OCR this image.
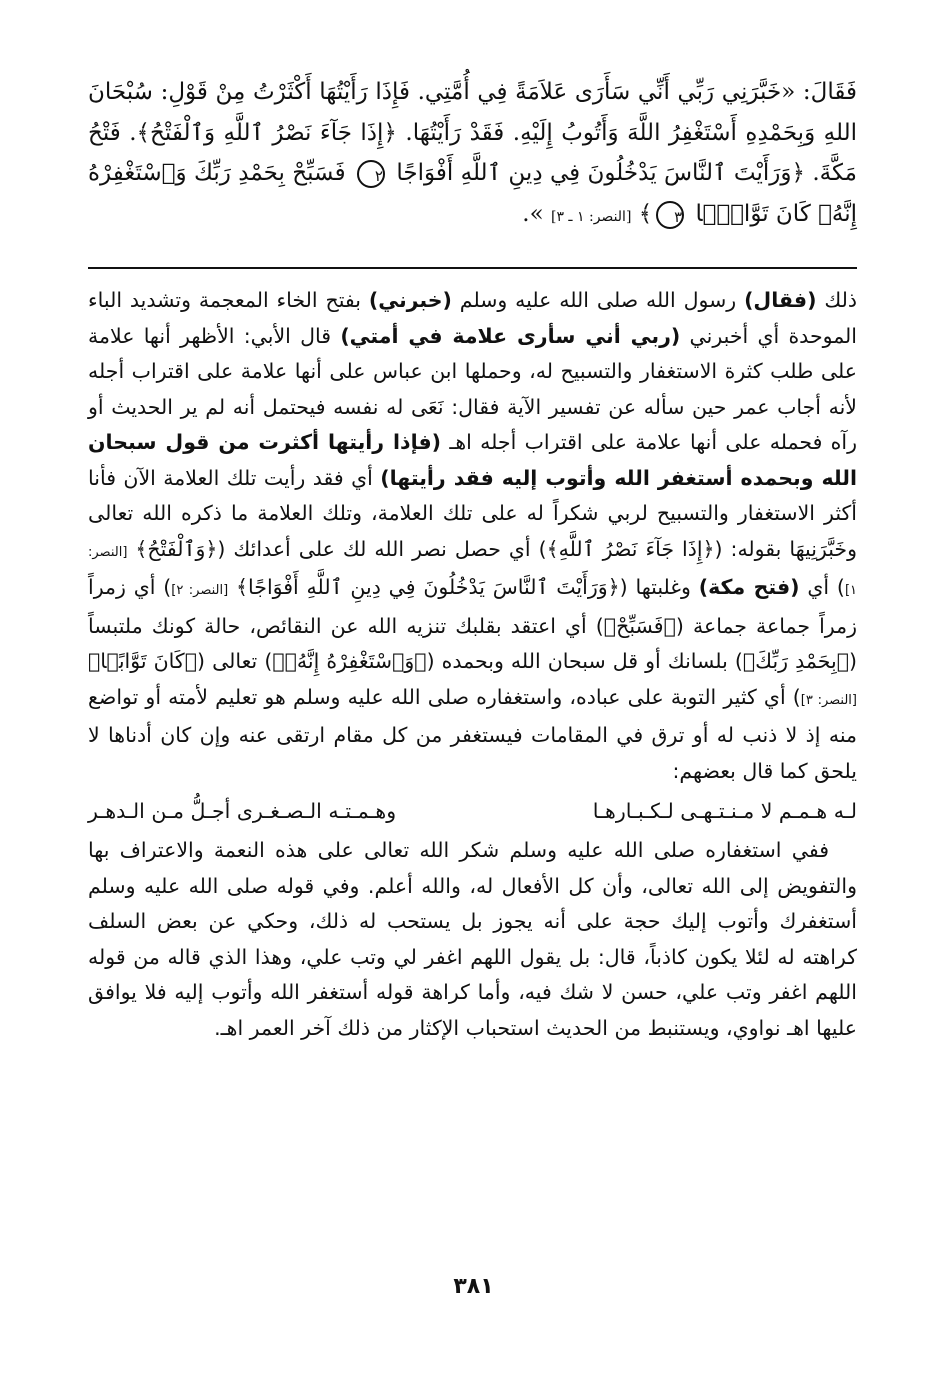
فَقَالَ: «خَبَّرَنِي رَبِّي أَنِّي سَأَرَى عَلاَمَةً فِي أُمَّتِي. فَإِذَا رَأَيْتُهَا أَكْثَرْتُ مِنْ قَوْلِ: سُبْحَانَ اللهِ وَبِحَمْدِهِ أَسْتَغْفِرُ اللَّهَ وَأَتُوبُ إِلَيْهِ. فَقَدْ رَأَيْتُهَا. ﴿إِذَا جَآءَ نَصْرُ ٱللَّهِ وَٱلْفَتْحُ﴾. فَتْحُ مَكَّةَ. ﴿وَرَأَيْتَ ٱلنَّاسَ يَدْخُلُونَ فِي دِينِ ٱللَّهِ أَفْوَاجًا ٢ فَسَبِّحْ بِحَمْدِ رَبِّكَ وَٱسْتَغْفِرْهُ إِنَّهُۥ كَانَ تَوَّابًۢا ٣﴾ [النصر: ١ ـ ٣] ».

ذلك (فقال) رسول الله صلى الله عليه وسلم (خبرني) بفتح الخاء المعجمة وتشديد الباء الموحدة أي أخبرني (ربي أني سأرى علامة في أمتي) قال الأبي: الأظهر أنها علامة على طلب كثرة الاستغفار والتسبيح له، وحملها ابن عباس على أنها علامة على اقتراب أجله لأنه أجاب عمر حين سأله عن تفسير الآية فقال: نَعَى له نفسه فيحتمل أنه لم ير الحديث أو رآه فحمله على أنها علامة على اقتراب أجله اهـ (فإذا رأيتها أكثرت من قول سبحان الله وبحمده أستغفر الله وأتوب إليه فقد رأيتها) أي فقد رأيت تلك العلامة الآن فأنا أكثر الاستغفار والتسبيح لربي شكراً له على تلك العلامة، وتلك العلامة ما ذكره الله تعالى وخَبَّرَنِيهَا بقوله: (﴿إِذَا جَآءَ نَصْرُ ٱللَّهِ﴾) أي حصل نصر الله لك على أعدائك (﴿وَٱلْفَتْحُ﴾ [النصر: ١]) أي (فتح مكة) وغلبتها (﴿وَرَأَيْتَ ٱلنَّاسَ يَدْخُلُونَ فِي دِينِ ٱللَّهِ أَفْوَاجًا﴾ [النصر: ٢]) أي زمراً زمراً جماعة جماعة (﴿فَسَبِّحْ﴾) أي اعتقد بقلبك تنزيه الله عن النقائص، حالة كونك ملتبساً (﴿بِحَمْدِ رَبِّكَ﴾) بلسانك أو قل سبحان الله وبحمده (﴿وَٱسْتَغْفِرْهُ إِنَّهُۥ﴾) تعالى (﴿كَانَ تَوَّابًۢا﴾ [النصر: ٣]) أي كثير التوبة على عباده، واستغفاره صلى الله عليه وسلم هو تعليم لأمته أو تواضع منه إذ لا ذنب له أو ترق في المقامات فيستغفر من كل مقام ارتقى عنه وإن كان أدناها لا يلحق كما قال بعضهم:

لـه هـمـم لا مـنـتـهـى لـكـبـارهـا
وهـمـتـه الـصـغـرى أجـلُّ مـن الـدهـر

ففي استغفاره صلى الله عليه وسلم شكر الله تعالى على هذه النعمة والاعتراف بها والتفويض إلى الله تعالى، وأن كل الأفعال له، والله أعلم. وفي قوله صلى الله عليه وسلم أستغفرك وأتوب إليك حجة على أنه يجوز بل يستحب له ذلك، وحكي عن بعض السلف كراهته له لئلا يكون كاذباً، قال: بل يقول اللهم اغفر لي وتب علي، وهذا الذي قاله من قوله اللهم اغفر وتب علي، حسن لا شك فيه، وأما كراهة قوله أستغفر الله وأتوب إليه فلا يوافق عليها اهـ نواوي، ويستنبط من الحديث استحباب الإكثار من ذلك آخر العمر اهـ.

٣٨١
